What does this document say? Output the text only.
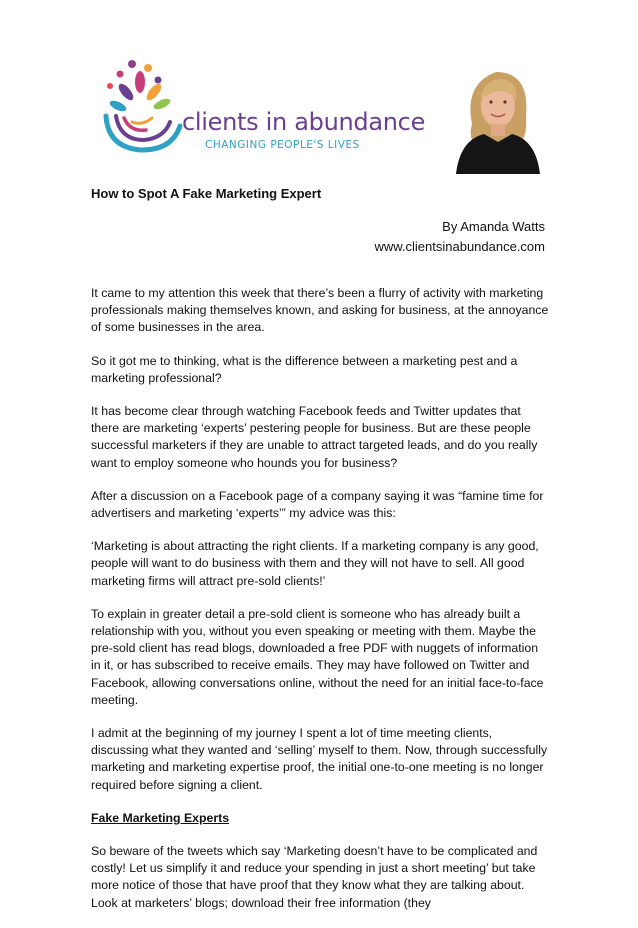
clients in abundance
CHANGING PEOPLE'S LIVES
How to Spot A Fake Marketing Expert
By Amanda Watts
www.clientsinabundance.com

It came to my attention this week that there’s been a flurry of activity with marketing professionals making themselves known, and asking for business, at the annoyance of some businesses in the area.

So it got me to thinking, what is the difference between a marketing pest and a marketing professional?

It has become clear through watching Facebook feeds and Twitter updates that there are marketing ‘experts’ pestering people for business. But are these people successful marketers if they are unable to attract targeted leads, and do you really want to employ someone who hounds you for business?

After a discussion on a Facebook page of a company saying it was “famine time for advertisers and marketing ‘experts’” my advice was this:

‘Marketing is about attracting the right clients. If a marketing company is any good, people will want to do business with them and they will not have to sell. All good marketing firms will attract pre-sold clients!’

To explain in greater detail a pre-sold client is someone who has already built a relationship with you, without you even speaking or meeting with them. Maybe the pre-sold client has read blogs, downloaded a free PDF with nuggets of information in it, or has subscribed to receive emails. They may have followed on Twitter and Facebook, allowing conversations online, without the need for an initial face-to-face meeting.

I admit at the beginning of my journey I spent a lot of time meeting clients, discussing what they wanted and ‘selling’ myself to them. Now, through successfully marketing and marketing expertise proof, the initial one-to-one meeting is no longer required before signing a client.

Fake Marketing Experts

So beware of the tweets which say ‘Marketing doesn’t have to be complicated and costly! Let us simplify it and reduce your spending in just a short meeting’ but take more notice of those that have proof that they know what they are talking about. Look at marketers’ blogs; download their free information (they
